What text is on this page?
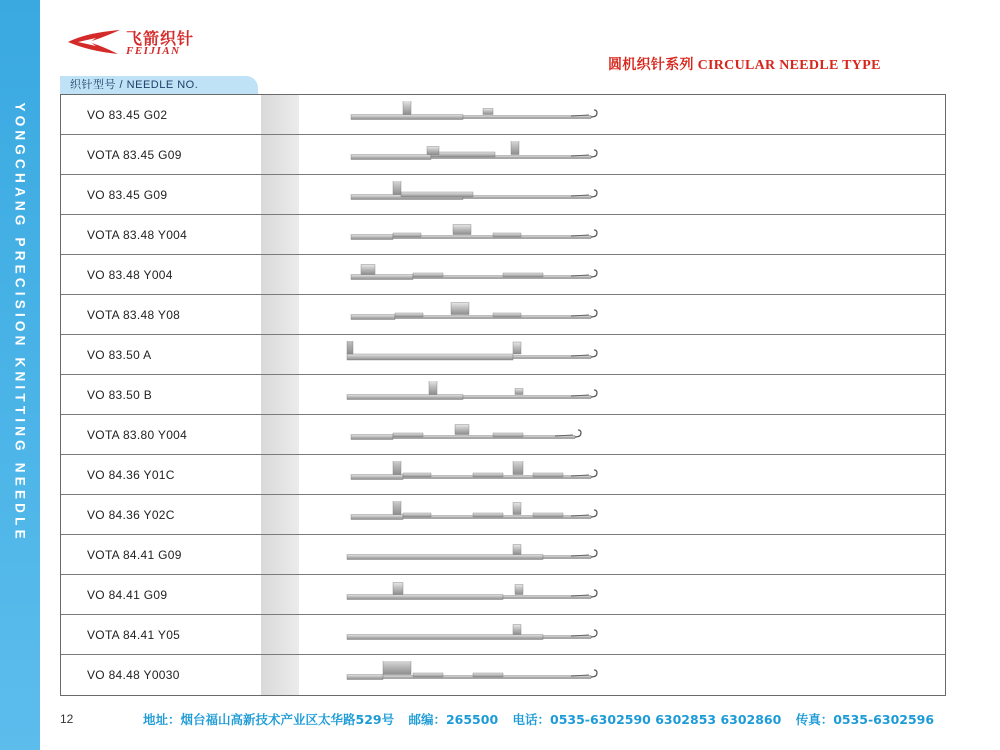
YONGCHANG PRECISION KNITTING NEEDLE
飞箭织针
FEIJIAN
圆机织针系列 CIRCULAR NEEDLE TYPE
织针型号 / NEEDLE NO.
VO 83.45 G02
VOTA 83.45 G09
VO 83.45 G09
VOTA 83.48 Y004
VO 83.48 Y004
VOTA 83.48 Y08
VO 83.50 A
VO 83.50 B
VOTA 83.80 Y004
VO 84.36 Y01C
VO 84.36 Y02C
VOTA 84.41 G09
VO 84.41 G09
VOTA 84.41 Y05
VO 84.48 Y0030
12	地址：烟台福山高新技术产业区太华路529号 邮编：265500 电话：0535-6302590 6302853 6302860 传真：0535-6302596
